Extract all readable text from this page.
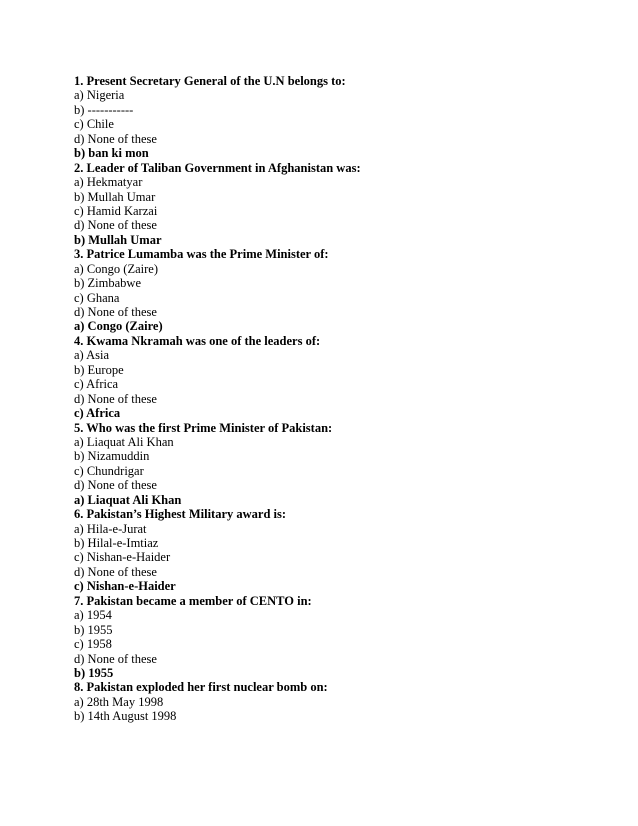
1. Present Secretary General of the U.N belongs to:
a) Nigeria
b) -----------
c) Chile
d) None of these
b) ban ki mon
2. Leader of Taliban Government in Afghanistan was:
a) Hekmatyar
b) Mullah Umar
c) Hamid Karzai
d) None of these
b) Mullah Umar
3. Patrice Lumamba was the Prime Minister of:
a) Congo (Zaire)
b) Zimbabwe
c) Ghana
d) None of these
a) Congo (Zaire)
4. Kwama Nkramah was one of the leaders of:
a) Asia
b) Europe
c) Africa
d) None of these
c) Africa
5. Who was the first Prime Minister of Pakistan:
a) Liaquat Ali Khan
b) Nizamuddin
c) Chundrigar
d) None of these
a) Liaquat Ali Khan
6. Pakistan’s Highest Military award is:
a) Hila-e-Jurat
b) Hilal-e-Imtiaz
c) Nishan-e-Haider
d) None of these
c) Nishan-e-Haider
7. Pakistan became a member of CENTO in:
a) 1954
b) 1955
c) 1958
d) None of these
b) 1955
8. Pakistan exploded her first nuclear bomb on:
a) 28th May 1998
b) 14th August 1998
